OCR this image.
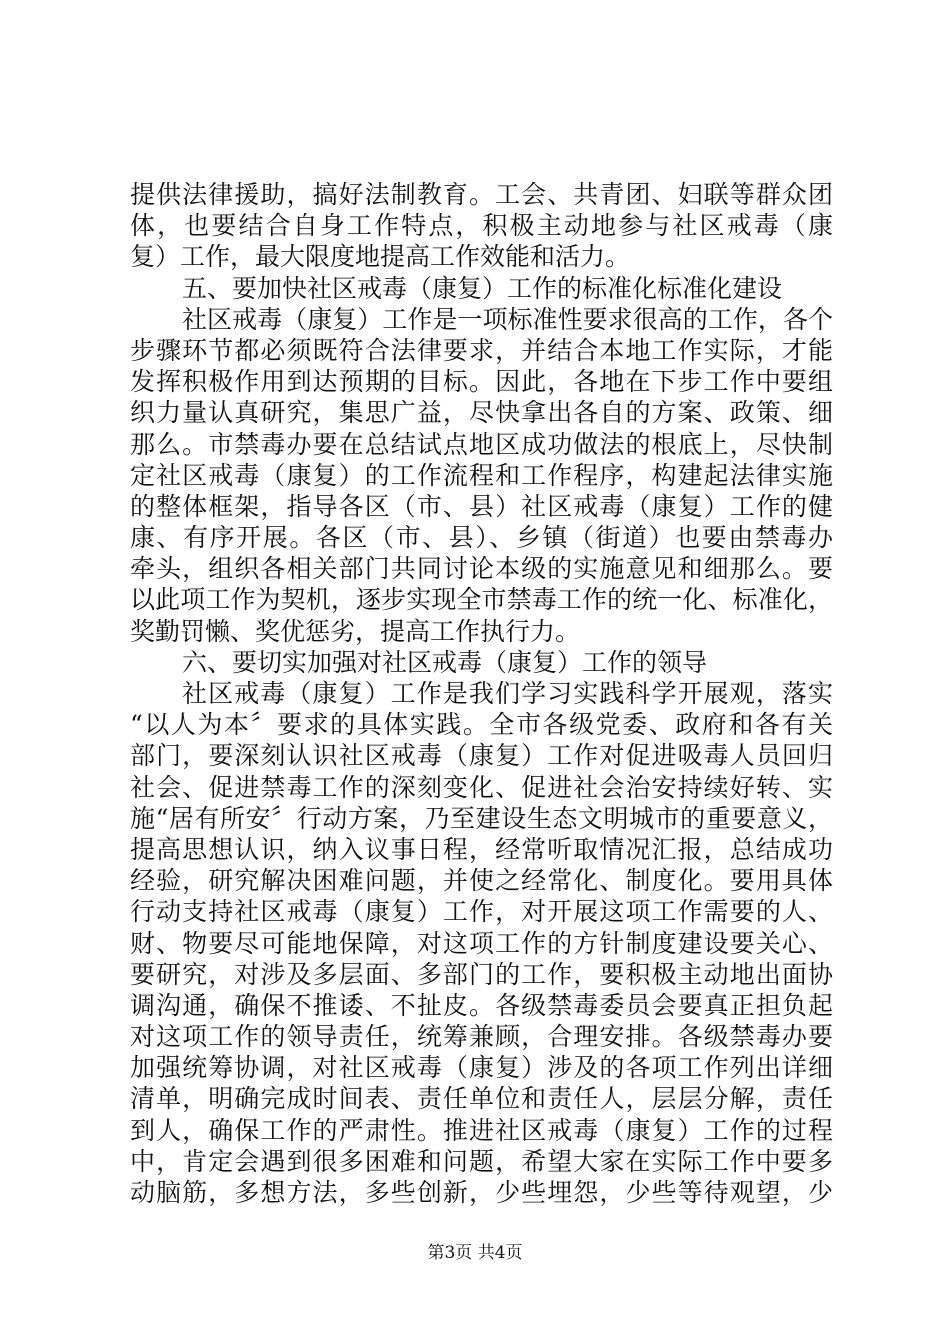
提供法律援助，搞好法制教育。工会、共青团、妇联等群众团
体，也要结合自身工作特点，积极主动地参与社区戒毒（康
复）工作，最大限度地提高工作效能和活力。
五、要加快社区戒毒（康复）工作的标准化标准化建设
社区戒毒（康复）工作是一项标准性要求很高的工作，各个
步骤环节都必须既符合法律要求，并结合本地工作实际，才能
发挥积极作用到达预期的目标。因此，各地在下步工作中要组
织力量认真研究，集思广益，尽快拿出各自的方案、政策、细
那么。市禁毒办要在总结试点地区成功做法的根底上，尽快制
定社区戒毒（康复）的工作流程和工作程序，构建起法律实施
的整体框架，指导各区（市、县）社区戒毒（康复）工作的健
康、有序开展。各区（市、县）、乡镇（街道）也要由禁毒办
牵头，组织各相关部门共同讨论本级的实施意见和细那么。要
以此项工作为契机，逐步实现全市禁毒工作的统一化、标准化，
奖勤罚懒、奖优惩劣，提高工作执行力。
六、要切实加强对社区戒毒（康复）工作的领导
社区戒毒（康复）工作是我们学习实践科学开展观，落实
“以人为本〞要求的具体实践。全市各级党委、政府和各有关
部门，要深刻认识社区戒毒（康复）工作对促进吸毒人员回归
社会、促进禁毒工作的深刻变化、促进社会治安持续好转、实
施“居有所安〞行动方案，乃至建设生态文明城市的重要意义，
提高思想认识，纳入议事日程，经常听取情况汇报，总结成功
经验，研究解决困难问题，并使之经常化、制度化。要用具体
行动支持社区戒毒（康复）工作，对开展这项工作需要的人、
财、物要尽可能地保障，对这项工作的方针制度建设要关心、
要研究，对涉及多层面、多部门的工作，要积极主动地出面协
调沟通，确保不推诿、不扯皮。各级禁毒委员会要真正担负起
对这项工作的领导责任，统筹兼顾，合理安排。各级禁毒办要
加强统筹协调，对社区戒毒（康复）涉及的各项工作列出详细
清单，明确完成时间表、责任单位和责任人，层层分解，责任
到人，确保工作的严肃性。推进社区戒毒（康复）工作的过程
中，肯定会遇到很多困难和问题，希望大家在实际工作中要多
动脑筋，多想方法，多些创新，少些埋怨，少些等待观望，少
第3页 共4页
